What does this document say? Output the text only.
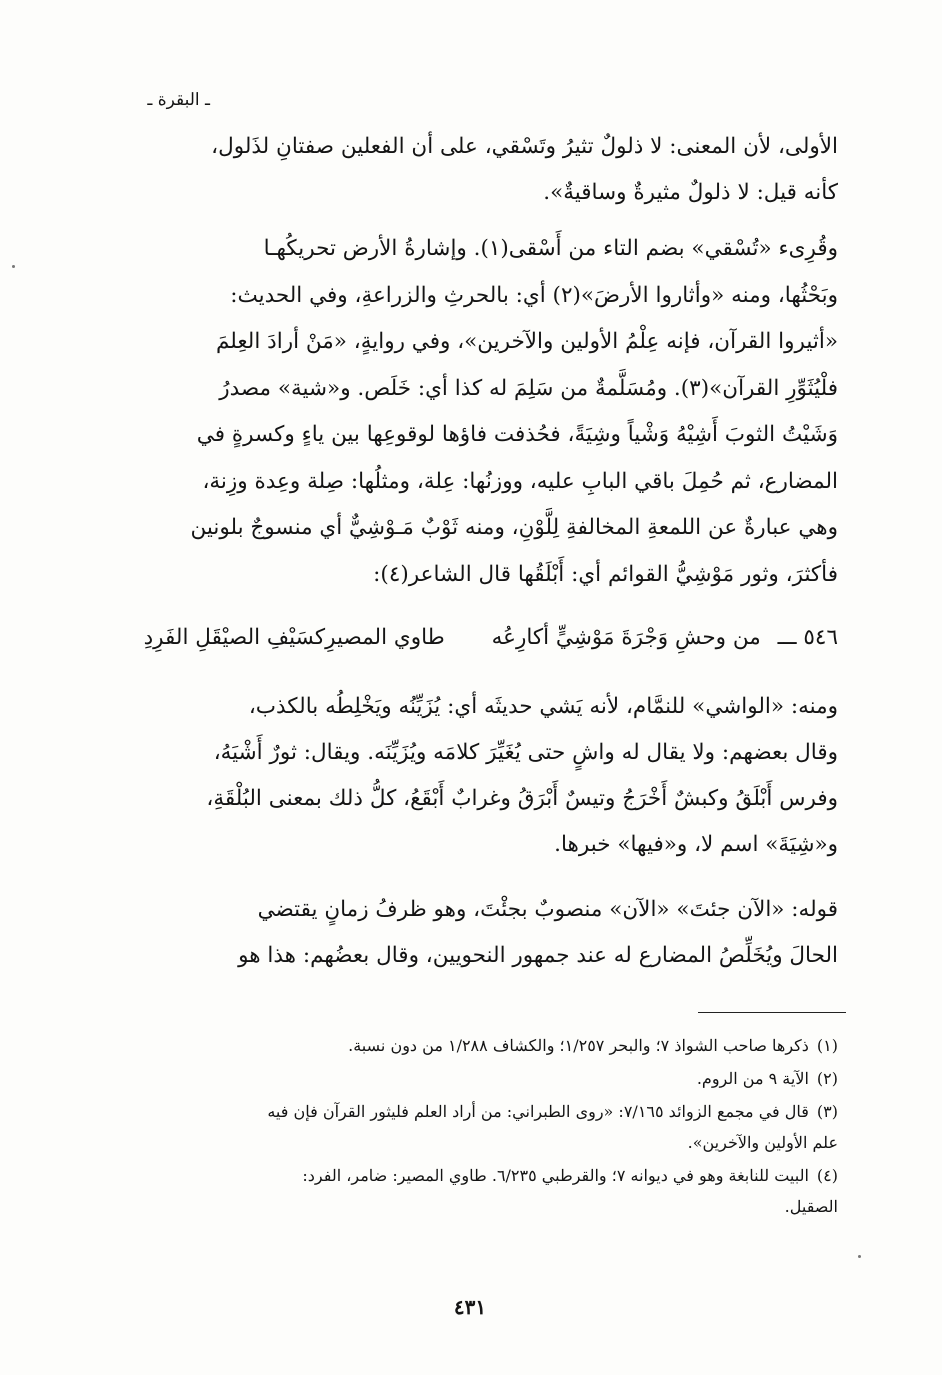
ـ البقرة ـ
الأولى، لأن المعنى: لا ذلولٌ تثيرُ وتَسْقي، على أن الفعلين صفتانِ لذَلول،
كأنه قيل: لا ذلولٌ مثيرةٌ وساقيةٌ».
وقُرِىء «تُسْقي» بضم التاء من أَسْقى(١). وإشارةُ الأرض تحريكُهـا
وبَحْثُها، ومنه «وأثاروا الأرضَ»(٢) أي: بالحرثِ والزراعةِ، وفي الحديث:
«أثيروا القرآن، فإنه عِلْمُ الأولين والآخرين»، وفي روايةٍ، «مَنْ أرادَ العِلمَ
فلْيُثَوِّرِ القرآن»(٣). ومُسَلَّمةٌ من سَلِمَ له كذا أي: خَلَص. و«شية» مصدرُ
وَشَيْتُ الثوبَ أَشِيْهُ وَشْياً وشِيَةً، فحُذفت فاؤها لوقوعِها بين ياءٍ وكسرةٍ في
المضارع، ثم حُمِلَ باقي البابِ عليه، ووزنُها: عِلة، ومثلُها: صِلة وعِدة وزِنة،
وهي عبارةٌ عن اللمعةِ المخالفةِ لِلَّوْنِ، ومنه ثَوْبٌ مَـوْشِيٌّ أي منسوجٌ بلونين
فأكثرَ، وثور مَوْشِيُّ القوائم أي: أَبْلَقُها قال الشاعر(٤):
٥٤٦ ـــ من وحشِ وَجْرَةَ مَوْشِيٍّ أكارِعُه طاوي المصيرِكسَيْفِ الصيْقَلِ الفَرِدِ
ومنه: «الواشي» للنمَّام، لأنه يَشي حديثَه أي: يُزَيِّنُه ويَخْلِطُه بالكذب،
وقال بعضهم: ولا يقال له واشٍ حتى يُغَيِّرَ كلامَه ويُزَيِّنَه. ويقال: ثورٌ أَشْيَهُ،
وفرس أَبْلَقُ وكبشٌ أَخْرَجُ وتيسٌ أَبْرَقُ وغرابٌ أَبْقَعُ، كلُّ ذلك بمعنى البُلْقَةِ،
و«شِيَةَ» اسم لا، و«فيها» خبرها.
قوله: «الآن جئتَ» «الآن» منصوبٌ بجئْتَ، وهو ظرفُ زمانٍ يقتضي
الحالَ ويُخَلِّصُ المضارع له عند جمهور النحويين، وقال بعضُهم: هذا هو
(١)ذكرها صاحب الشواذ ٧؛ والبحر ١/٢٥٧؛ والكشاف ١/٢٨٨ من دون نسبة.
(٢)الآية ٩ من الروم.
(٣)قال في مجمع الزوائد ٧/١٦٥: «روى الطبراني: من أراد العلم فليثور القرآن فإن فيه
علم الأولين والآخرين».
(٤)البيت للنابغة وهو في ديوانه ٧؛ والقرطبي ٦/٢٣٥. طاوي المصير: ضامر، الفرد:
الصقيل.
٤٣١
